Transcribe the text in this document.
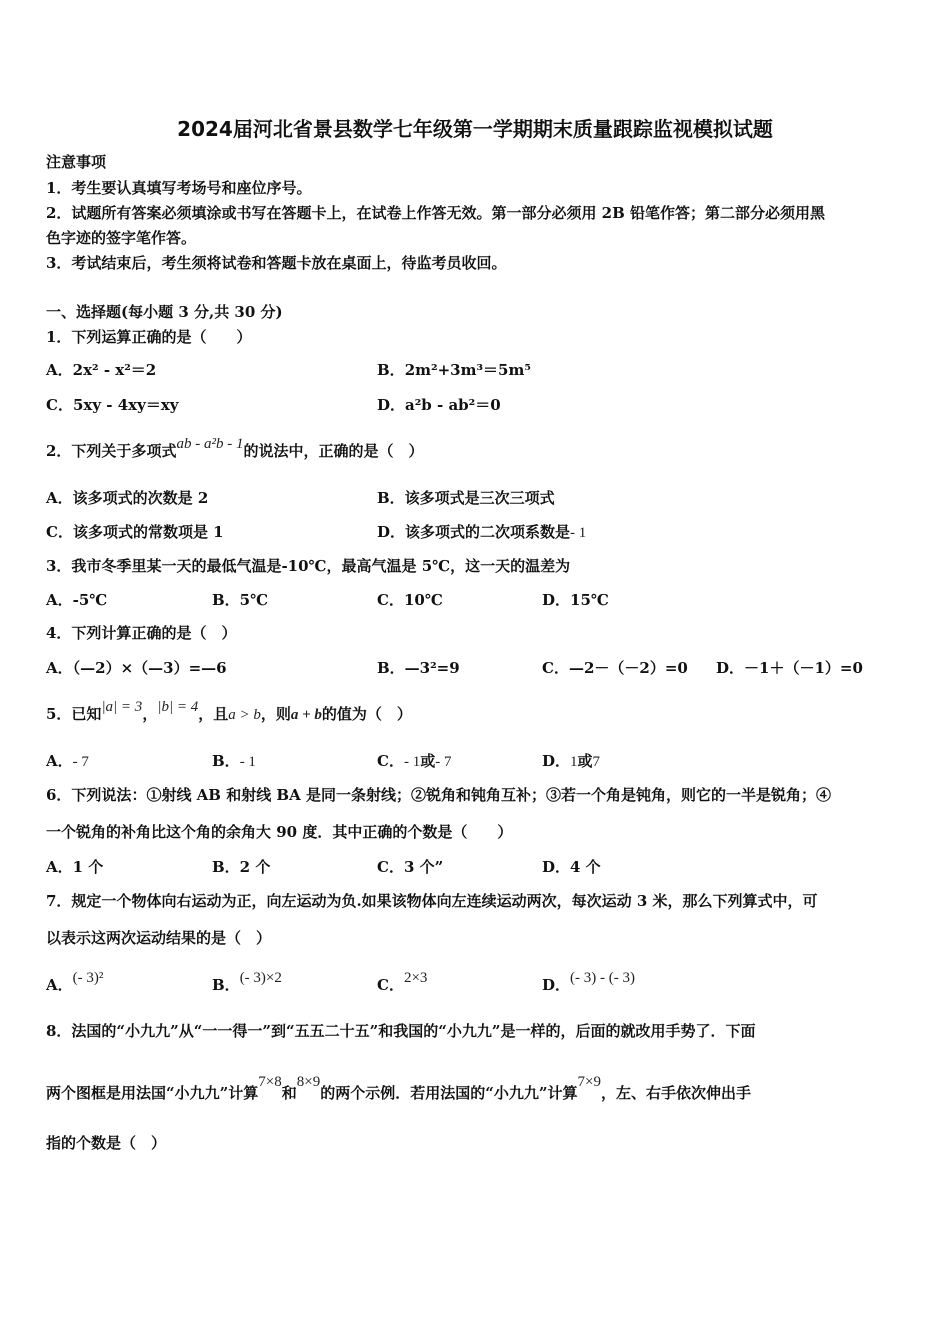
2024届河北省景县数学七年级第一学期期末质量跟踪监视模拟试题
注意事项
1．考生要认真填写考场号和座位序号。
2．试题所有答案必须填涂或书写在答题卡上，在试卷上作答无效。第一部分必须用 2B 铅笔作答；第二部分必须用黑
色字迹的签字笔作答。
3．考试结束后，考生须将试卷和答题卡放在桌面上，待监考员收回。
一、选择题(每小题 3 分,共 30 分)
1．下列运算正确的是（　　）
A．2x² - x²＝2	B．2m²+3m³＝5m⁵
C．5xy - 4xy＝xy	D．a²b - ab²＝0
2．下列关于多项式ab - a²b - 1的说法中，正确的是（　）
A．该多项式的次数是 2	B．该多项式是三次三项式
C．该多项式的常数项是 1	D．该多项式的二次项系数是- 1
3．我市冬季里某一天的最低气温是-10℃，最高气温是 5℃，这一天的温差为
A．-5℃	B．5℃	C．10℃	D．15℃
4．下列计算正确的是（　）
A．（—2）×（—3）=—6	B．—3²=9	C．—2－（－2）=0 D．－1＋（－1）=0
5．已知|a| = 3，|b| = 4，且a > b，则a + b的值为（　）
A．- 7	B．- 1	C．- 1或- 7	D．1或7
6．下列说法：①射线 AB 和射线 BA 是同一条射线；②锐角和钝角互补；③若一个角是钝角，则它的一半是锐角；④
一个锐角的补角比这个角的余角大 90 度．其中正确的个数是（　　）
A．1 个	B．2 个	C．3 个”	D．4 个
7．规定一个物体向右运动为正，向左运动为负.如果该物体向左连续运动两次，每次运动 3 米，那么下列算式中，可
以表示这两次运动结果的是（　）
A．(- 3)²	B．(- 3)×2	C．2×3	D．(- 3) - (- 3)
8．法国的“小九九”从“一一得一”到“五五二十五”和我国的“小九九”是一样的，后面的就改用手势了．下面
两个图框是用法国“小九九”计算7×8和8×9的两个示例．若用法国的“小九九”计算7×9，左、右手依次伸出手
指的个数是（　）
